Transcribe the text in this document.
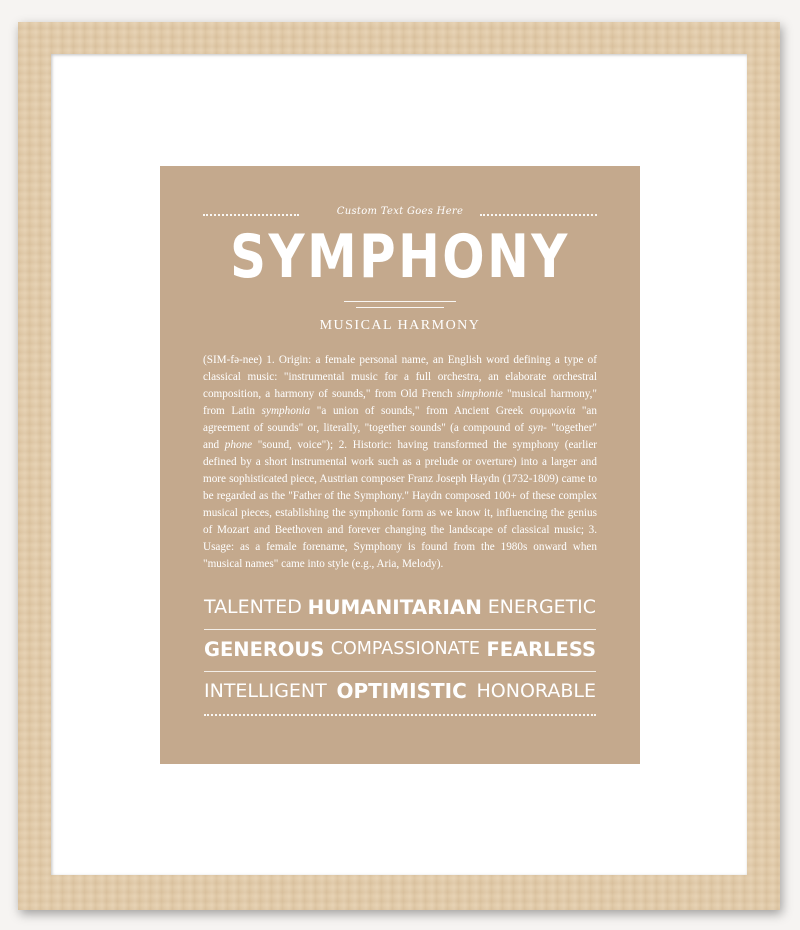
Custom Text Goes Here
SYMPHONY
MUSICAL HARMONY
(SIM-fə-nee) 1. Origin: a female personal name, an English word defining a type of classical music: "instrumental music for a full orchestra, an elaborate orchestral composition, a harmony of sounds," from Old French simphonie "musical harmony," from Latin symphonia "a union of sounds," from Ancient Greek συμφωνία "an agreement of sounds" or, literally, "together sounds" (a compound of syn- "together" and phone "sound, voice"); 2. Historic: having transformed the symphony (earlier defined by a short instrumental work such as a prelude or overture) into a larger and more sophisticated piece, Austrian composer Franz Joseph Haydn (1732-1809) came to be regarded as the "Father of the Symphony." Haydn composed 100+ of these complex musical pieces, establishing the symphonic form as we know it, influencing the genius of Mozart and Beethoven and forever changing the landscape of classical music; 3. Usage: as a female forename, Symphony is found from the 1980s onward when "musical names" came into style (e.g., Aria, Melody).
TALENTED HUMANITARIAN ENERGETIC
GENEROUS COMPASSIONATE FEARLESS
INTELLIGENT OPTIMISTIC HONORABLE
